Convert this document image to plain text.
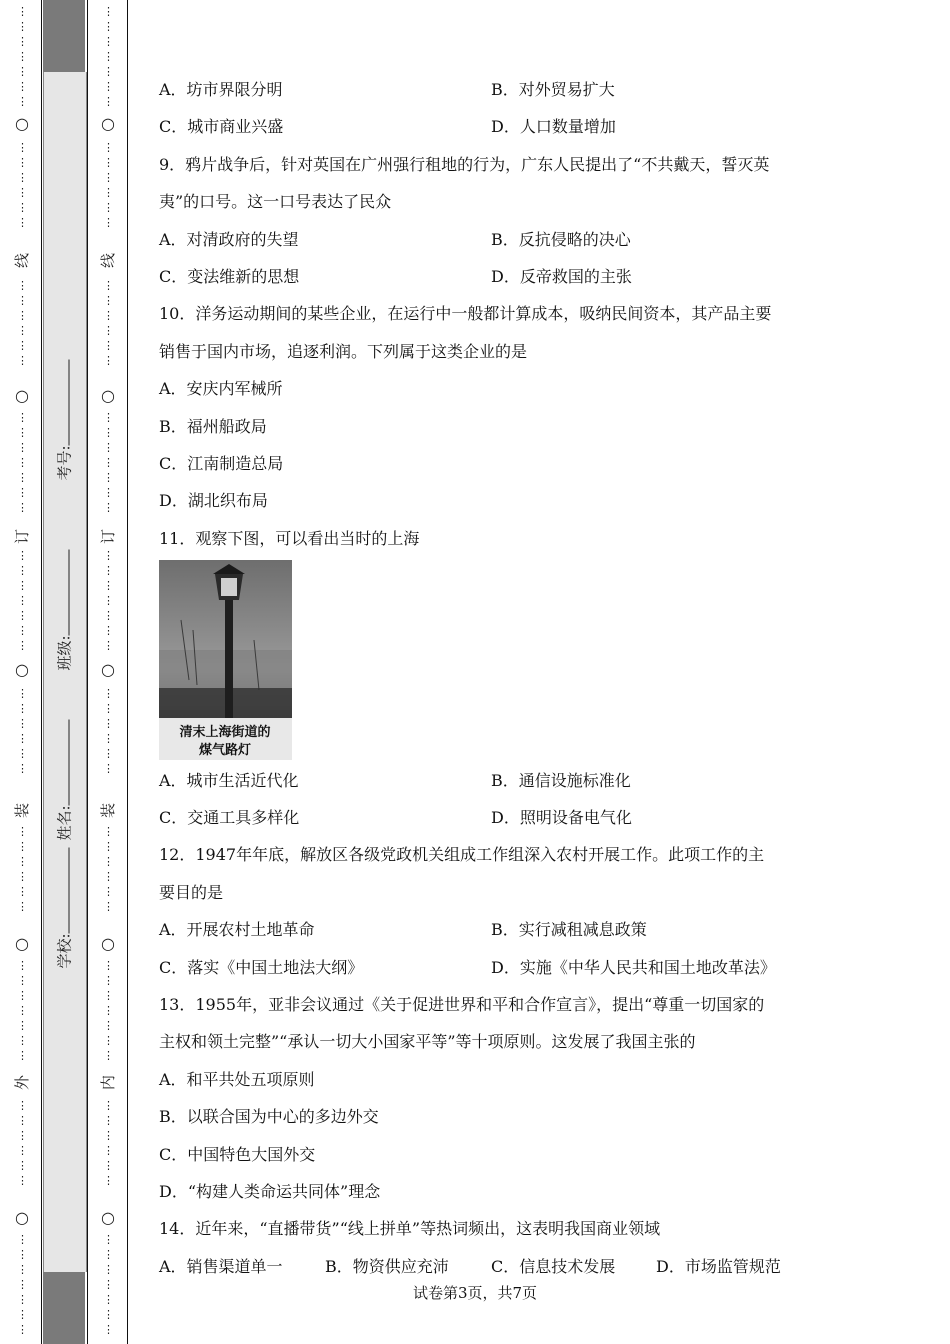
⋮
⋮
⋮
⋮
⋮
⋮
⋮
⋮
⋮
⋮
⋮
⋮
⋮
⋮
⋮
⋮
⋮
⋮
⋮
⋮
⋮
⋮
⋮
⋮
⋮
⋮
⋮
⋮
⋮
⋮
⋮
⋮
⋮
⋮
⋮
⋮
⋮
⋮
⋮
⋮
⋮
⋮
⋮
⋮
⋮
⋮
⋮
⋮
⋮
⋮
⋮
⋮
⋮
⋮
⋮
⋮
⋮
⋮
⋮
⋮
⋮
⋮
⋮
⋮
⋮
⋮
⋮
⋮
⋮
⋮
⋮
⋮
⋮
⋮
⋮
⋮
⋮
⋮
⋮
⋮
⋮
⋮
⋮
⋮
⋮
⋮
⋮
⋮
⋮
⋮
⋮
⋮
⋮
⋮
⋮
⋮
⋮
⋮
⋮
⋮
⋮
⋮
⋮
⋮
⋮
⋮
⋮
⋮
⋮
⋮
⋮
⋮
⋮
⋮
⋮
⋮
⋮
⋮
⋮
⋮
⋮
⋮
⋮
⋮
⋮
⋮
⋮
⋮
⋮
⋮
○
○
○
○
○
○
○
○
○
○
线
订
装
外
线
订
装
内
考号:
班级:
姓名:
学校:
A．坊市界限分明	B．对外贸易扩大
C．城市商业兴盛	D．人口数量增加
9．鸦片战争后，针对英国在广州强行租地的行为，广东人民提出了“不共戴天，誓灭英
夷”的口号。这一口号表达了民众
A．对清政府的失望	B．反抗侵略的决心
C．变法维新的思想	D．反帝救国的主张
10．洋务运动期间的某些企业，在运行中一般都计算成本，吸纳民间资本，其产品主要
销售于国内市场，追逐利润。下列属于这类企业的是
A．安庆内军械所
B．福州船政局
C．江南制造总局
D．湖北织布局
11．观察下图，可以看出当时的上海
清末上海街道的
煤气路灯
A．城市生活近代化	B．通信设施标准化
C．交通工具多样化	D．照明设备电气化
12．1947年年底，解放区各级党政机关组成工作组深入农村开展工作。此项工作的主
要目的是
A．开展农村土地革命	B．实行减租减息政策
C．落实《中国土地法大纲》	D．实施《中华人民共和国土地改革法》
13．1955年，亚非会议通过《关于促进世界和平和合作宣言》，提出“尊重一切国家的
主权和领土完整”“承认一切大小国家平等”等十项原则。这发展了我国主张的
A．和平共处五项原则
B．以联合国为中心的多边外交
C．中国特色大国外交
D．“构建人类命运共同体”理念
14．近年来，“直播带货”“线上拼单”等热词频出，这表明我国商业领域
A．销售渠道单一	B．物资供应充沛	C．信息技术发展	D．市场监管规范
试卷第3页，共7页
